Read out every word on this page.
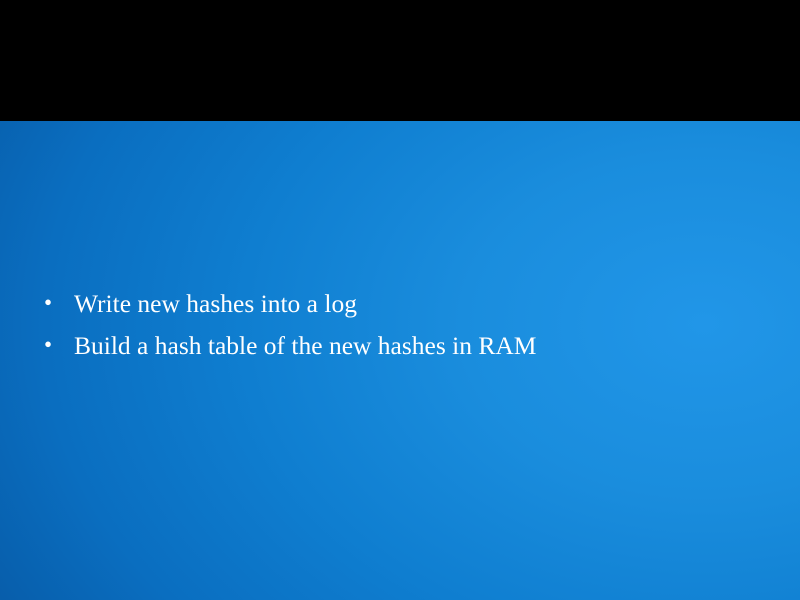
• Write new hashes into a log
• Build a hash table of the new hashes in RAM
